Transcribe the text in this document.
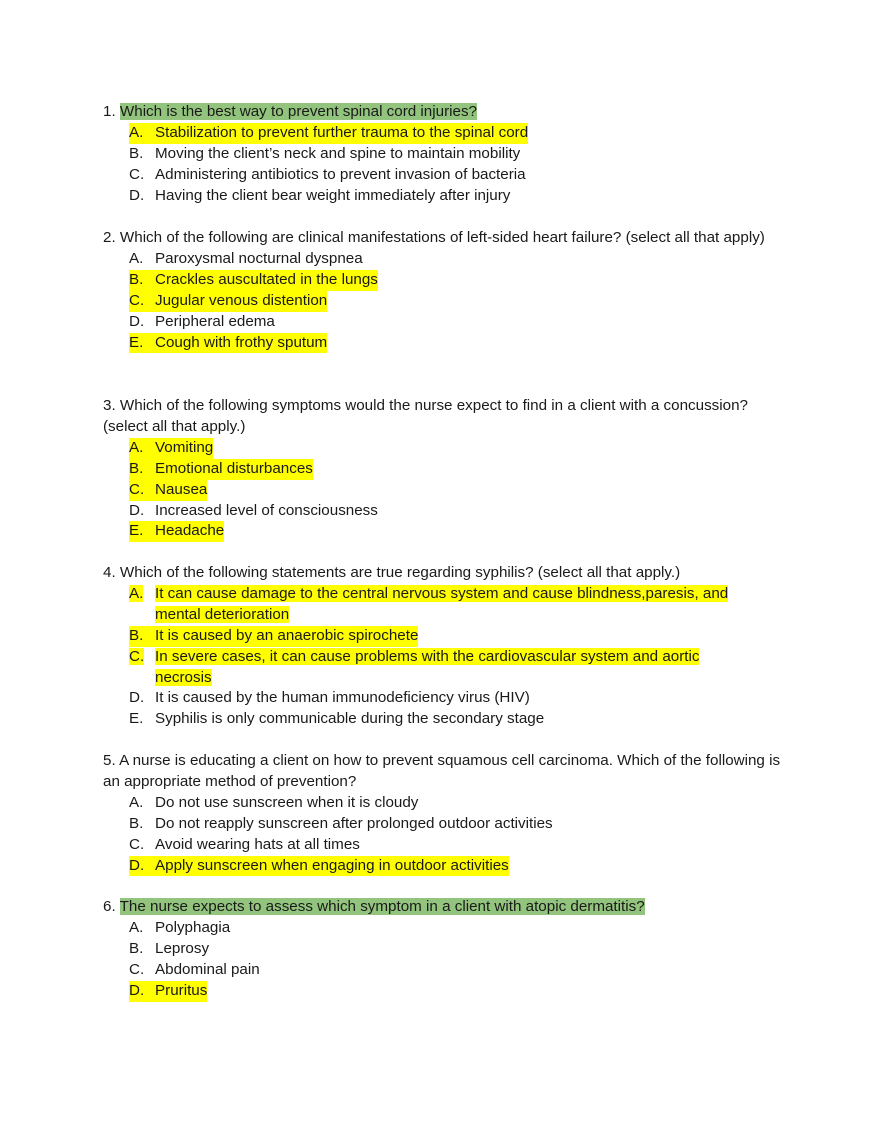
1. Which is the best way to prevent spinal cord injuries?

A. Stabilization to prevent further trauma to the spinal cord
B. Moving the client’s neck and spine to maintain mobility
C. Administering antibiotics to prevent invasion of bacteria
D. Having the client bear weight immediately after injury

2. Which of the following are clinical manifestations of left-sided heart failure? (select all that apply)

A. Paroxysmal nocturnal dyspnea
B. Crackles auscultated in the lungs
C. Jugular venous distention
D. Peripheral edema
E. Cough with frothy sputum

3. Which of the following symptoms would the nurse expect to find in a client with a concussion? (select all that apply.)

A. Vomiting
B. Emotional disturbances
C. Nausea
D. Increased level of consciousness
E. Headache

4. Which of the following statements are true regarding syphilis? (select all that apply.)

A. It can cause damage to the central nervous system and cause blindness,paresis, and mental deterioration
B. It is caused by an anaerobic spirochete
C. In severe cases, it can cause problems with the cardiovascular system and aortic necrosis
D. It is caused by the human immunodeficiency virus (HIV)
E. Syphilis is only communicable during the secondary stage

5. A nurse is educating a client on how to prevent squamous cell carcinoma. Which of the following is an appropriate method of prevention?

A. Do not use sunscreen when it is cloudy
B. Do not reapply sunscreen after prolonged outdoor activities
C. Avoid wearing hats at all times
D. Apply sunscreen when engaging in outdoor activities

6. The nurse expects to assess which symptom in a client with atopic dermatitis?

A. Polyphagia
B. Leprosy
C. Abdominal pain
D. Pruritus
